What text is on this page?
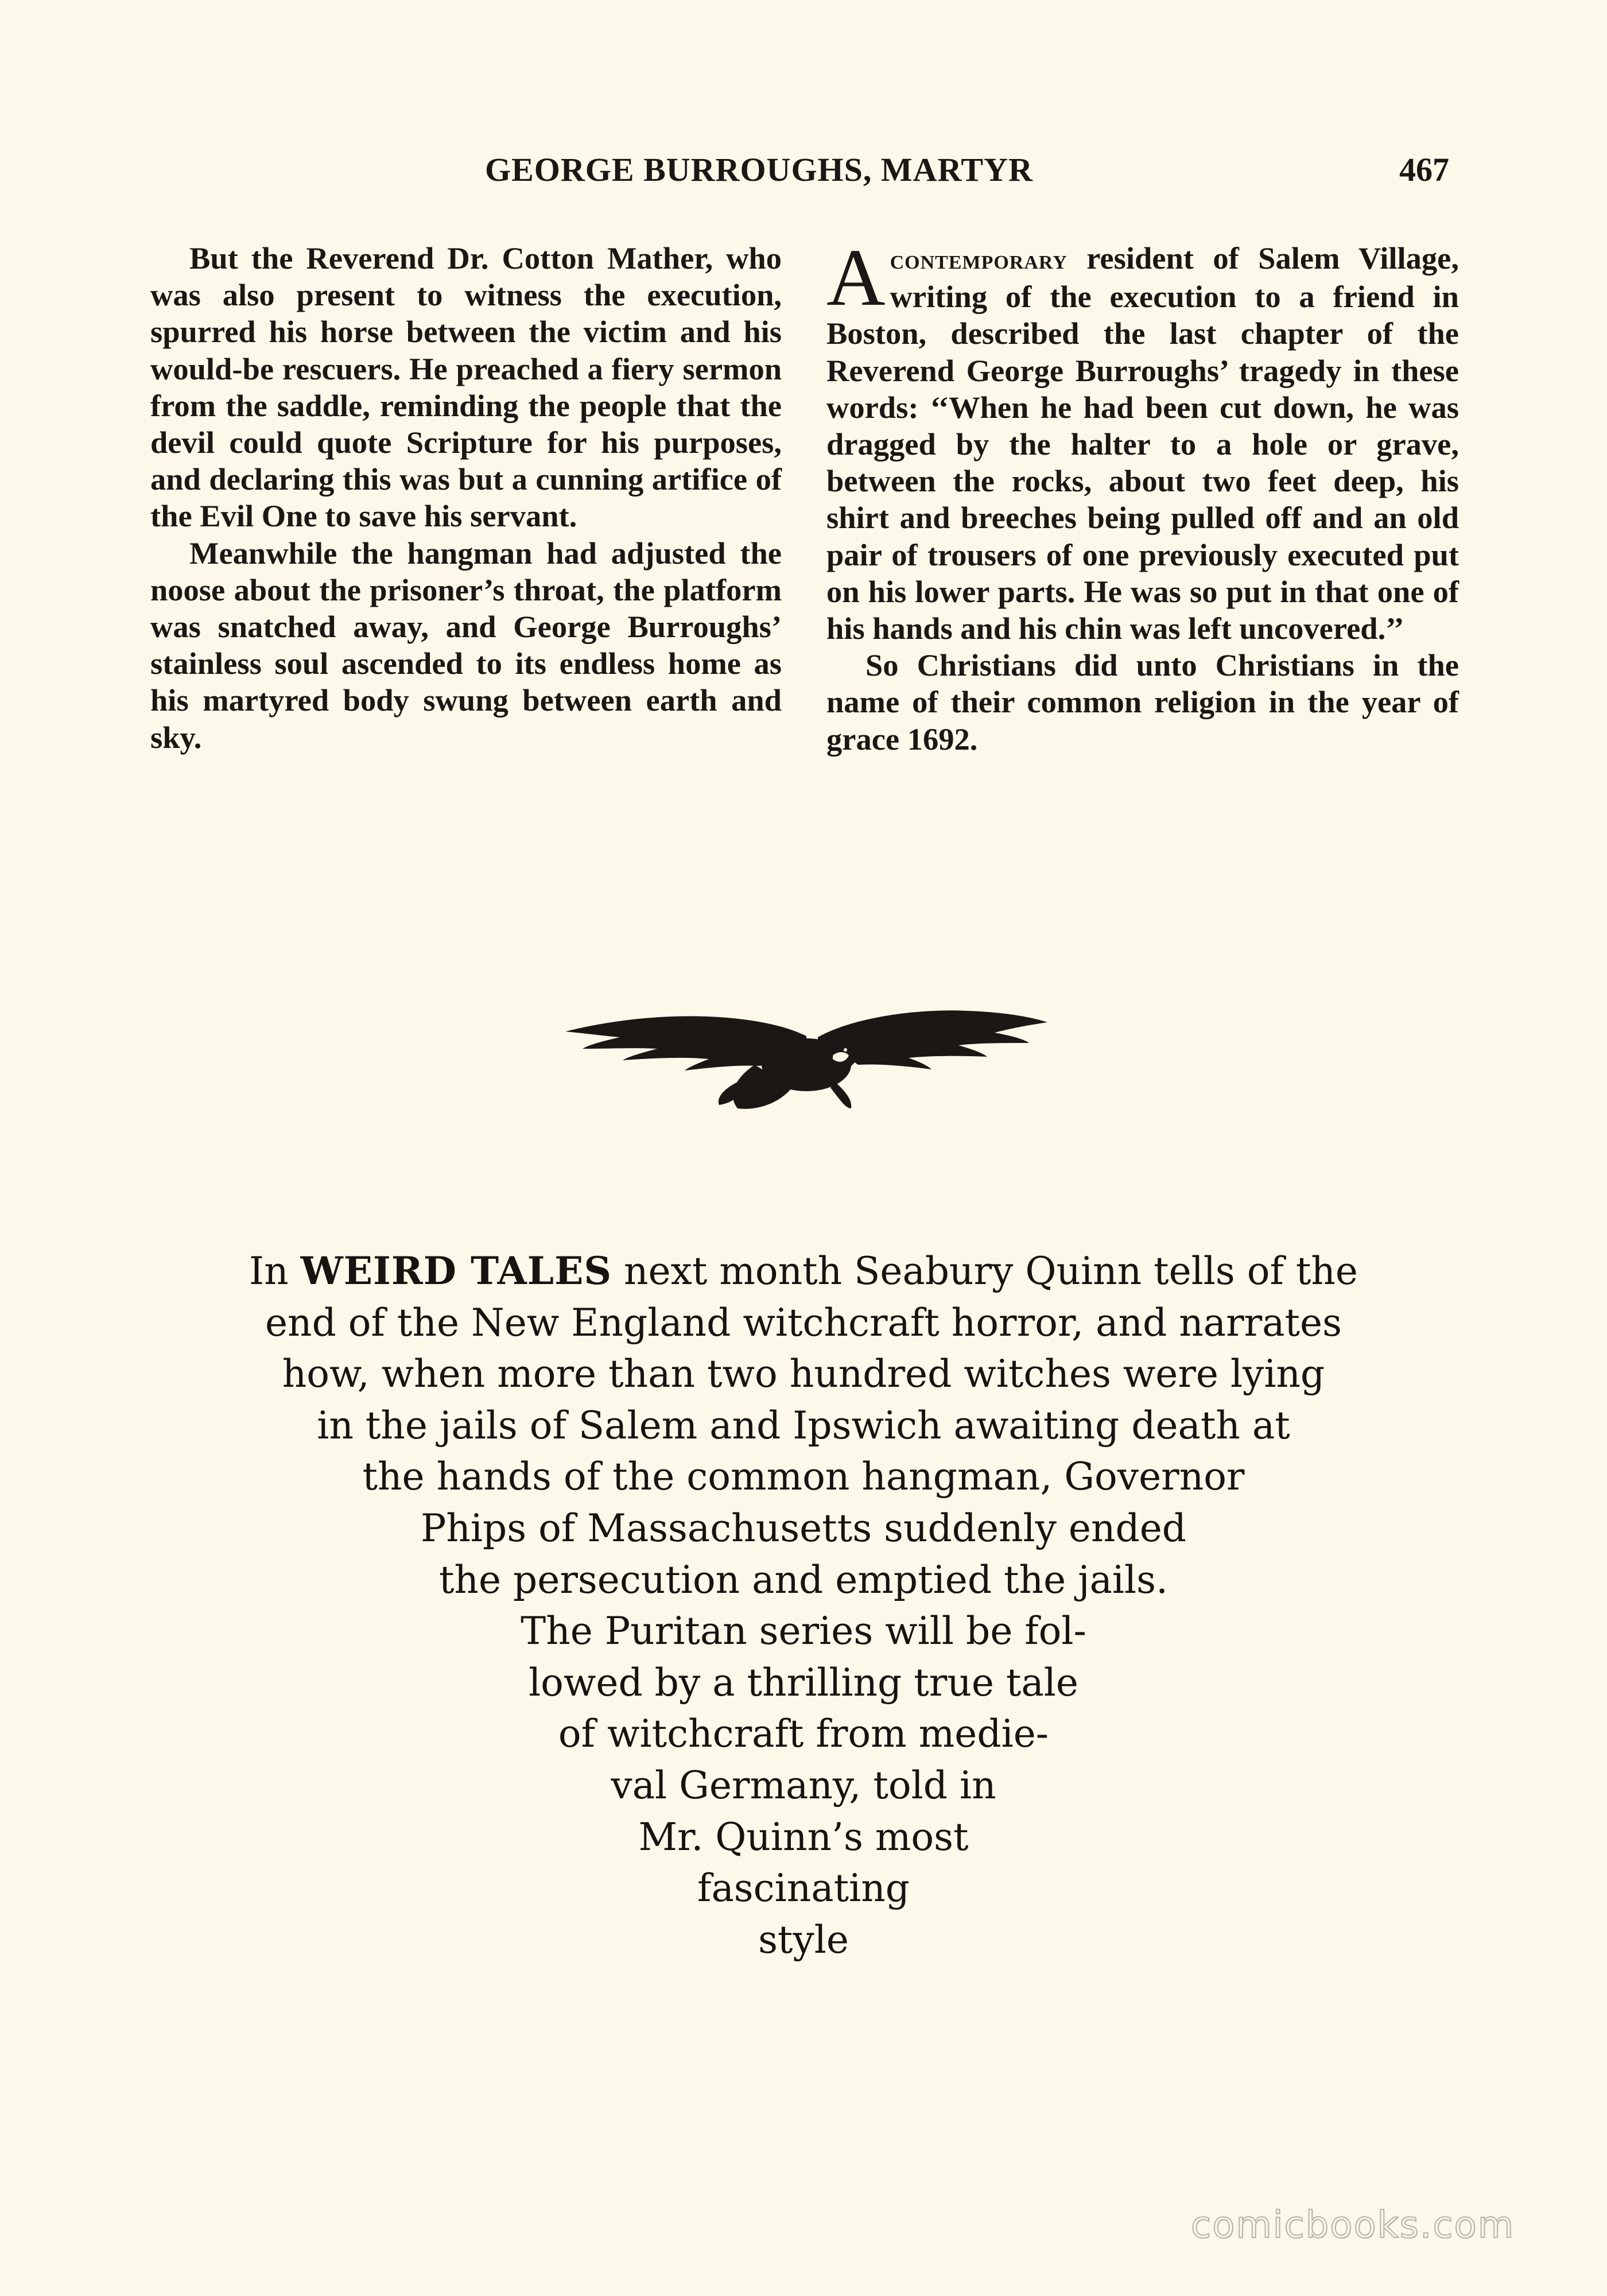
GEORGE BURROUGHS, MARTYR	467

But the Reverend Dr. Cotton Mather, who was also present to witness the execution, spurred his horse between the victim and his would-be rescuers. He preached a fiery sermon from the saddle, reminding the people that the devil could quote Scripture for his purposes, and declaring this was but a cunning artifice of the Evil One to save his servant.

Meanwhile the hangman had adjusted the noose about the prisoner’s throat, the platform was snatched away, and George Burroughs’ stainless soul ascended to its endless home as his martyred body swung between earth and sky.

Acontemporary resident of Salem Village, writing of the execution to a friend in Boston, described the last chapter of the Reverend George Burroughs’ tragedy in these words: ‘‘When he had been cut down, he was dragged by the halter to a hole or grave, between the rocks, about two feet deep, his shirt and breeches being pulled off and an old pair of trousers of one previously executed put on his lower parts. He was so put in that one of his hands and his chin was left uncovered.’’

So Christians did unto Christians in the name of their common religion in the year of grace 1692.

In WEIRD TALES next month Seabury Quinn tells of the
end of the New England witchcraft horror, and narrates
how, when more than two hundred witches were lying
in the jails of Salem and Ipswich awaiting death at
the hands of the common hangman, Governor
Phips of Massachusetts suddenly ended
the persecution and emptied the jails.
The Puritan series will be fol-
lowed by a thrilling true tale
of witchcraft from medie-
val Germany, told in
Mr. Quinn’s most
fascinating
style
comicbooks.com
